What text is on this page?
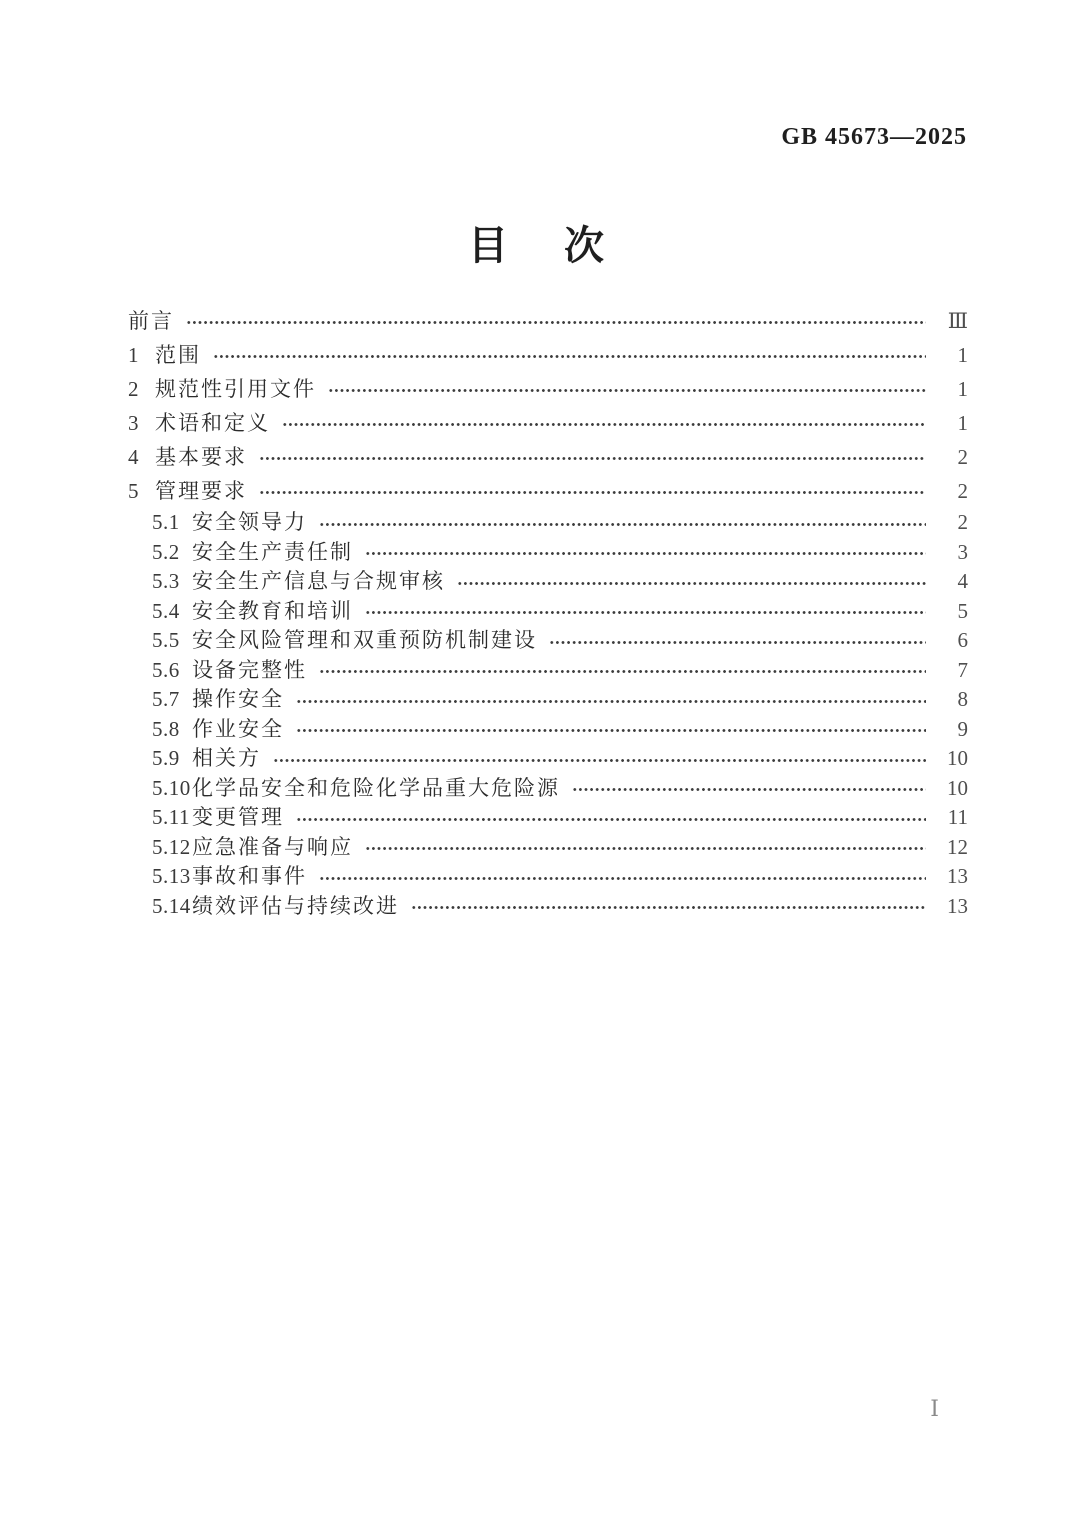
GB 45673—2025
目　次
前言	Ⅲ
1 范围	1
2 规范性引用文件	1
3 术语和定义	1
4 基本要求	2
5 管理要求	2
5.1 安全领导力	2
5.2 安全生产责任制	3
5.3 安全生产信息与合规审核	4
5.4 安全教育和培训	5
5.5 安全风险管理和双重预防机制建设	6
5.6 设备完整性	7
5.7 操作安全	8
5.8 作业安全	9
5.9 相关方	10
5.10 化学品安全和危险化学品重大危险源	10
5.11 变更管理	11
5.12 应急准备与响应	12
5.13 事故和事件	13
5.14 绩效评估与持续改进	13
Ⅰ
